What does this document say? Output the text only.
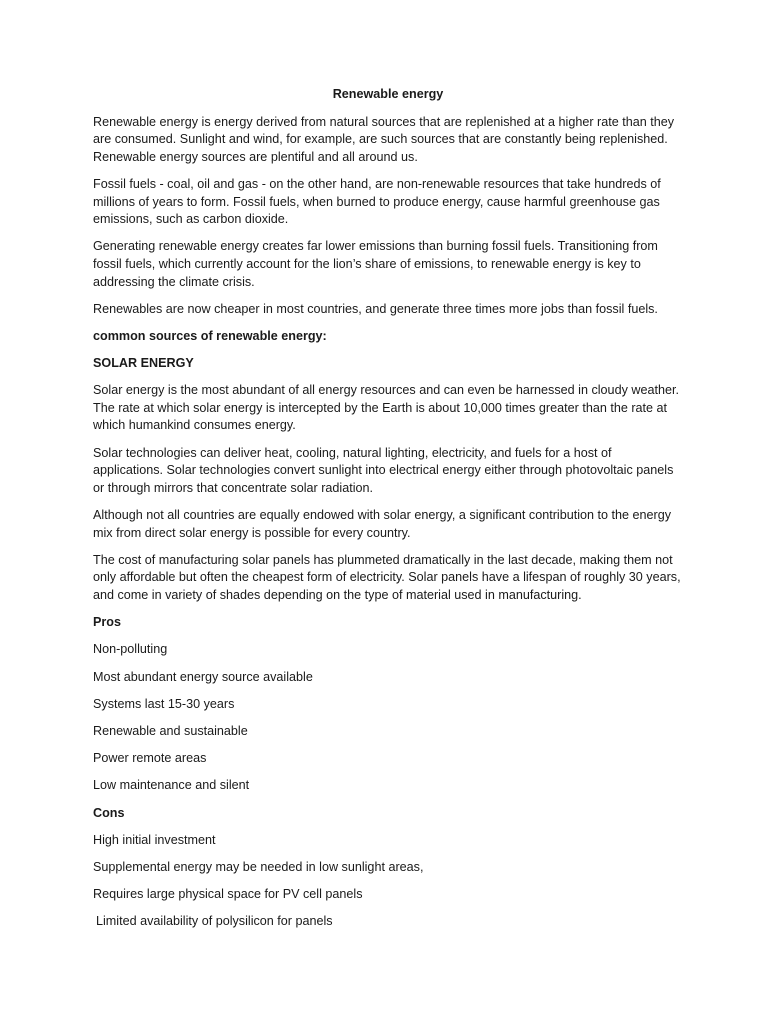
Renewable energy

Renewable energy is energy derived from natural sources that are replenished at a higher rate than they are consumed. Sunlight and wind, for example, are such sources that are constantly being replenished. Renewable energy sources are plentiful and all around us.

Fossil fuels - coal, oil and gas - on the other hand, are non-renewable resources that take hundreds of millions of years to form. Fossil fuels, when burned to produce energy, cause harmful greenhouse gas emissions, such as carbon dioxide.

Generating renewable energy creates far lower emissions than burning fossil fuels. Transitioning from fossil fuels, which currently account for the lion’s share of emissions, to renewable energy is key to addressing the climate crisis.

Renewables are now cheaper in most countries, and generate three times more jobs than fossil fuels.

common sources of renewable energy:
SOLAR ENERGY

Solar energy is the most abundant of all energy resources and can even be harnessed in cloudy weather. The rate at which solar energy is intercepted by the Earth is about 10,000 times greater than the rate at which humankind consumes energy.

Solar technologies can deliver heat, cooling, natural lighting, electricity, and fuels for a host of applications. Solar technologies convert sunlight into electrical energy either through photovoltaic panels or through mirrors that concentrate solar radiation.

Although not all countries are equally endowed with solar energy, a significant contribution to the energy mix from direct solar energy is possible for every country.

The cost of manufacturing solar panels has plummeted dramatically in the last decade, making them not only affordable but often the cheapest form of electricity. Solar panels have a lifespan of roughly 30 years, and come in variety of shades depending on the type of material used in manufacturing.

Pros
Non-polluting
Most abundant energy source available
Systems last 15-30 years
Renewable and sustainable
Power remote areas
Low maintenance and silent
Cons
High initial investment
Supplemental energy may be needed in low sunlight areas,
Requires large physical space for PV cell panels
Limited availability of polysilicon for panels
